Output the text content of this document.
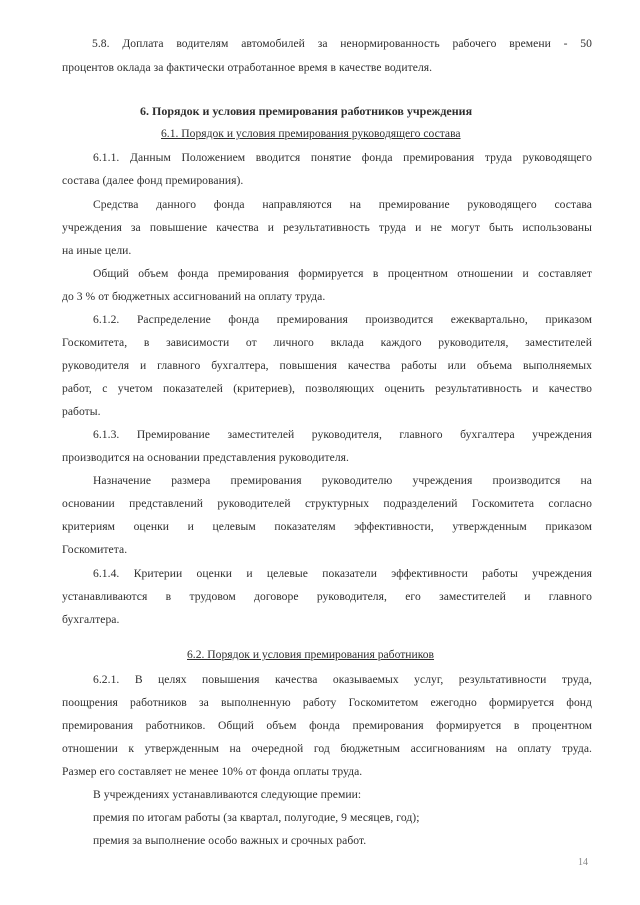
5.8. Доплата водителям автомобилей за ненормированность рабочего времени - 50
процентов оклада за фактически отработанное время в качестве водителя.
6. Порядок и условия премирования работников учреждения
6.1. Порядок и условия премирования руководящего состава
6.1.1. Данным Положением вводится понятие фонда премирования труда руководящего
состава (далее фонд премирования).
Средства данного фонда направляются на премирование руководящего состава
учреждения за повышение качества и результативность труда и не могут быть использованы
на иные цели.
Общий объем фонда премирования формируется в процентном отношении и составляет
до 3 % от бюджетных ассигнований на оплату труда.
6.1.2. Распределение фонда премирования производится ежеквартально, приказом
Госкомитета, в зависимости от личного вклада каждого руководителя, заместителей
руководителя и главного бухгалтера, повышения качества работы или объема выполняемых
работ, с учетом показателей (критериев), позволяющих оценить результативность и качество
работы.
6.1.3. Премирование заместителей руководителя, главного бухгалтера учреждения
производится на основании представления руководителя.
Назначение размера премирования руководителю учреждения производится на
основании представлений руководителей структурных подразделений Госкомитета согласно
критериям оценки и целевым показателям эффективности, утвержденным приказом
Госкомитета.
6.1.4. Критерии оценки и целевые показатели эффективности работы учреждения
устанавливаются в трудовом договоре руководителя, его заместителей и главного
бухгалтера.
6.2. Порядок и условия премирования работников
6.2.1. В целях повышения качества оказываемых услуг, результативности труда,
поощрения работников за выполненную работу Госкомитетом ежегодно формируется фонд
премирования работников. Общий объем фонда премирования формируется в процентном
отношении к утвержденным на очередной год бюджетным ассигнованиям на оплату труда.
Размер его составляет не менее 10% от фонда оплаты труда.
В учреждениях устанавливаются следующие премии:
премия по итогам работы (за квартал, полугодие, 9 месяцев, год);
премия за выполнение особо важных и срочных работ.
14
